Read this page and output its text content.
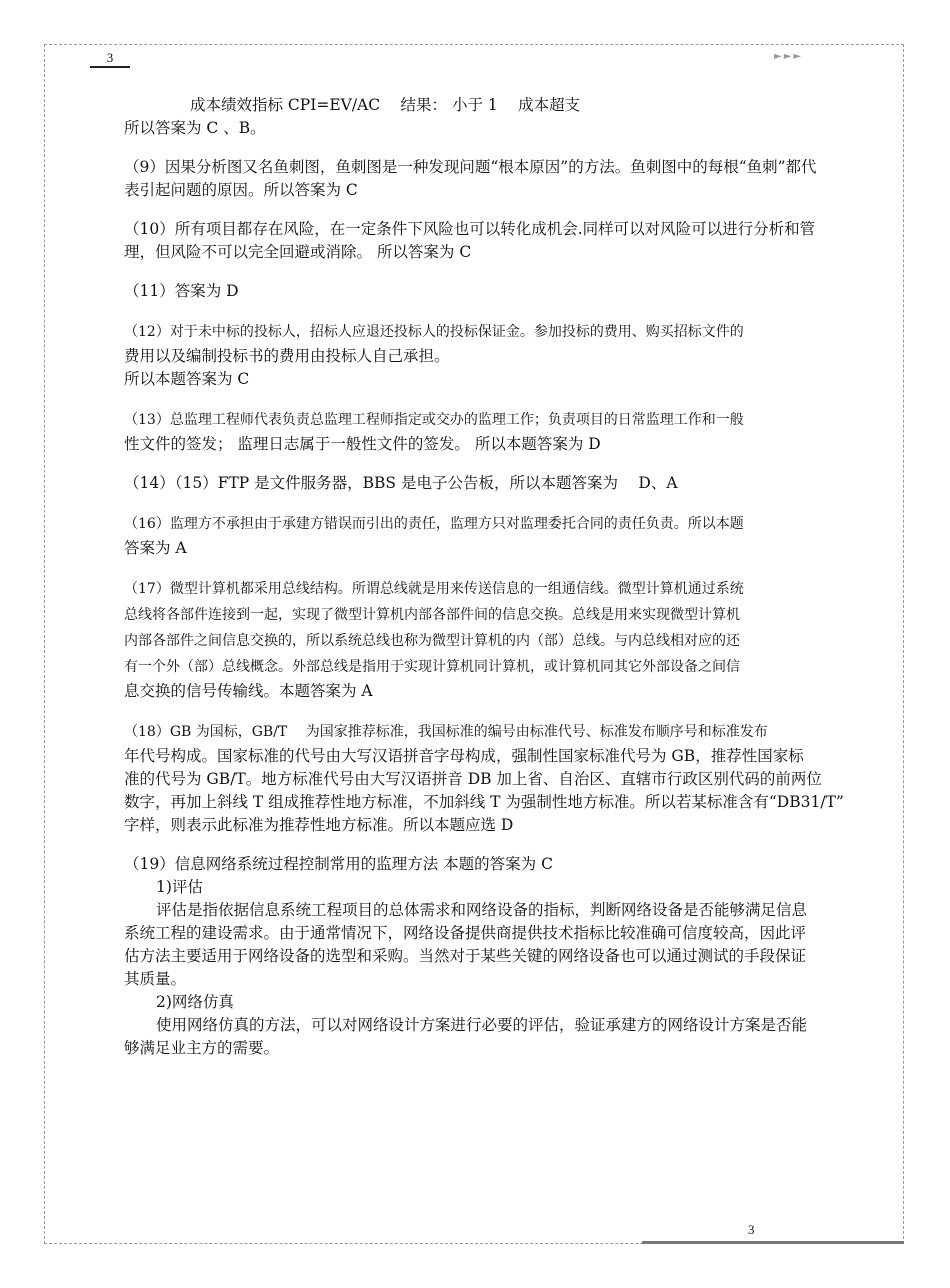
3	►►►
成本绩效指标 CPI=EV/AC　 结果： 小于 1　 成本超支
所以答案为 C 、B。
（9）因果分析图又名鱼刺图，鱼刺图是一种发现问题“根本原因”的方法。鱼刺图中的每根“鱼刺”都代
表引起问题的原因。所以答案为 C
（10）所有项目都存在风险，在一定条件下风险也可以转化成机会.同样可以对风险可以进行分析和管
理，但风险不可以完全回避或消除。 所以答案为 C
（11）答案为 D
（12）对于未中标的投标人，招标人应退还投标人的投标保证金。参加投标的费用、购买招标文件的
费用以及编制投标书的费用由投标人自己承担。
所以本题答案为 C
（13）总监理工程师代表负责总监理工程师指定或交办的监理工作；负责项目的日常监理工作和一般
性文件的签发； 监理日志属于一般性文件的签发。 所以本题答案为 D
（14）（15）FTP 是文件服务器，BBS 是电子公告板，所以本题答案为　 D、A
（16）监理方不承担由于承建方错误而引出的责任，监理方只对监理委托合同的责任负责。所以本题
答案为 A
（17）微型计算机都采用总线结构。所谓总线就是用来传送信息的一组通信线。微型计算机通过系统
总线将各部件连接到一起，实现了微型计算机内部各部件间的信息交换。总线是用来实现微型计算机
内部各部件之间信息交换的，所以系统总线也称为微型计算机的内（部）总线。与内总线相对应的还
有一个外（部）总线概念。外部总线是指用于实现计算机同计算机，或计算机同其它外部设备之间信
息交换的信号传输线。本题答案为 A
（18）GB 为国标，GB/T　 为国家推荐标准，我国标准的编号由标准代号、标准发布顺序号和标准发布
年代号构成。国家标准的代号由大写汉语拼音字母构成，强制性国家标准代号为 GB，推荐性国家标
准的代号为 GB/T。地方标准代号由大写汉语拼音 DB 加上省、自治区、直辖市行政区别代码的前两位
数字，再加上斜线 T 组成推荐性地方标准，不加斜线 T 为强制性地方标准。所以若某标准含有“DB31/T”
字样，则表示此标准为推荐性地方标准。所以本题应选 D
（19）信息网络系统过程控制常用的监理方法 本题的答案为 C
1)评估
评估是指依据信息系统工程项目的总体需求和网络设备的指标，判断网络设备是否能够满足信息
系统工程的建设需求。由于通常情况下，网络设备提供商提供技术指标比较准确可信度较高，因此评
估方法主要适用于网络设备的选型和采购。当然对于某些关键的网络设备也可以通过测试的手段保证
其质量。
2)网络仿真
使用网络仿真的方法，可以对网络设计方案进行必要的评估，验证承建方的网络设计方案是否能
够满足业主方的需要。
3
